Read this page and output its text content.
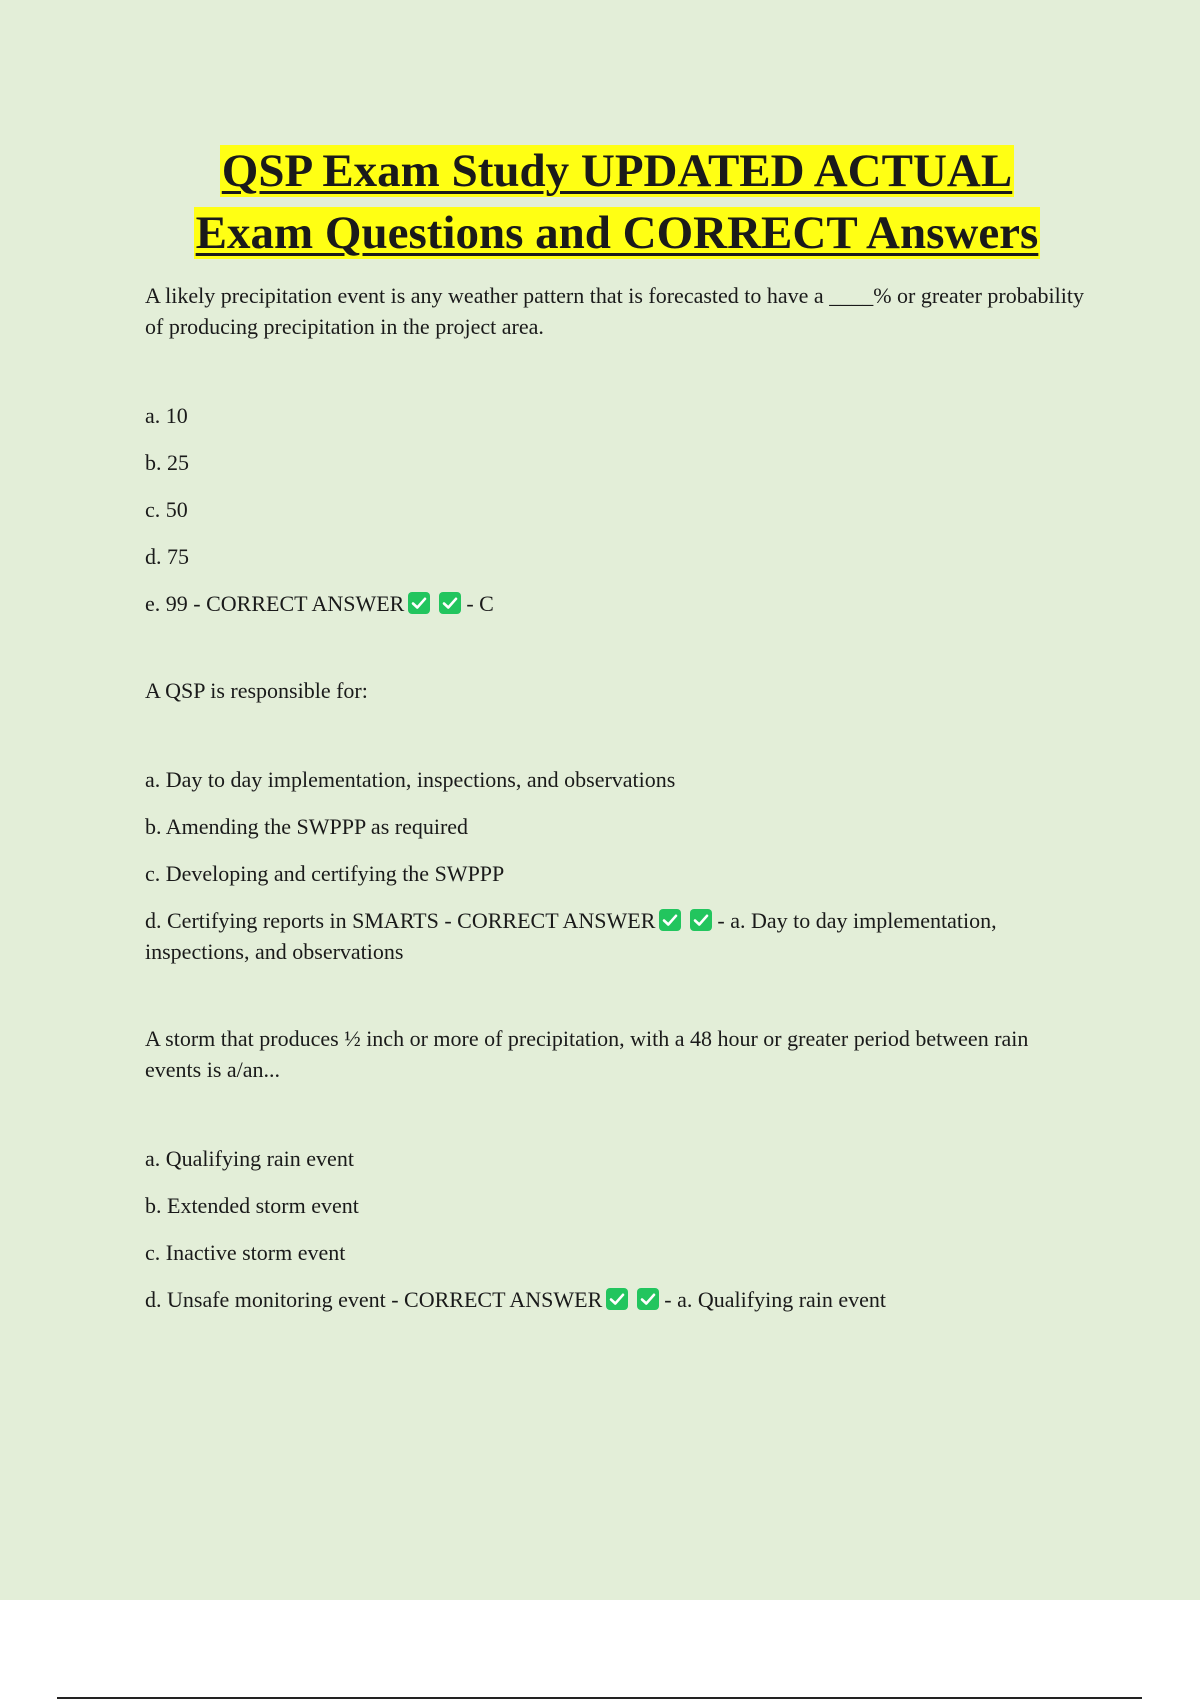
QSP Exam Study UPDATED ACTUAL
Exam Questions and CORRECT Answers

A likely precipitation event is any weather pattern that is forecasted to have a ____% or greater probability of producing precipitation in the project area.

a. 10
b. 25
c. 50
d. 75
e. 99 - CORRECT ANSWER	- C

A QSP is responsible for:

a. Day to day implementation, inspections, and observations
b. Amending the SWPPP as required
c. Developing and certifying the SWPPP
d. Certifying reports in SMARTS - CORRECT ANSWER	- a. Day to day implementation, inspections, and observations

A storm that produces ½ inch or more of precipitation, with a 48 hour or greater period between rain events is a/an...

a. Qualifying rain event
b. Extended storm event
c. Inactive storm event
d. Unsafe monitoring event - CORRECT ANSWER	- a. Qualifying rain event
